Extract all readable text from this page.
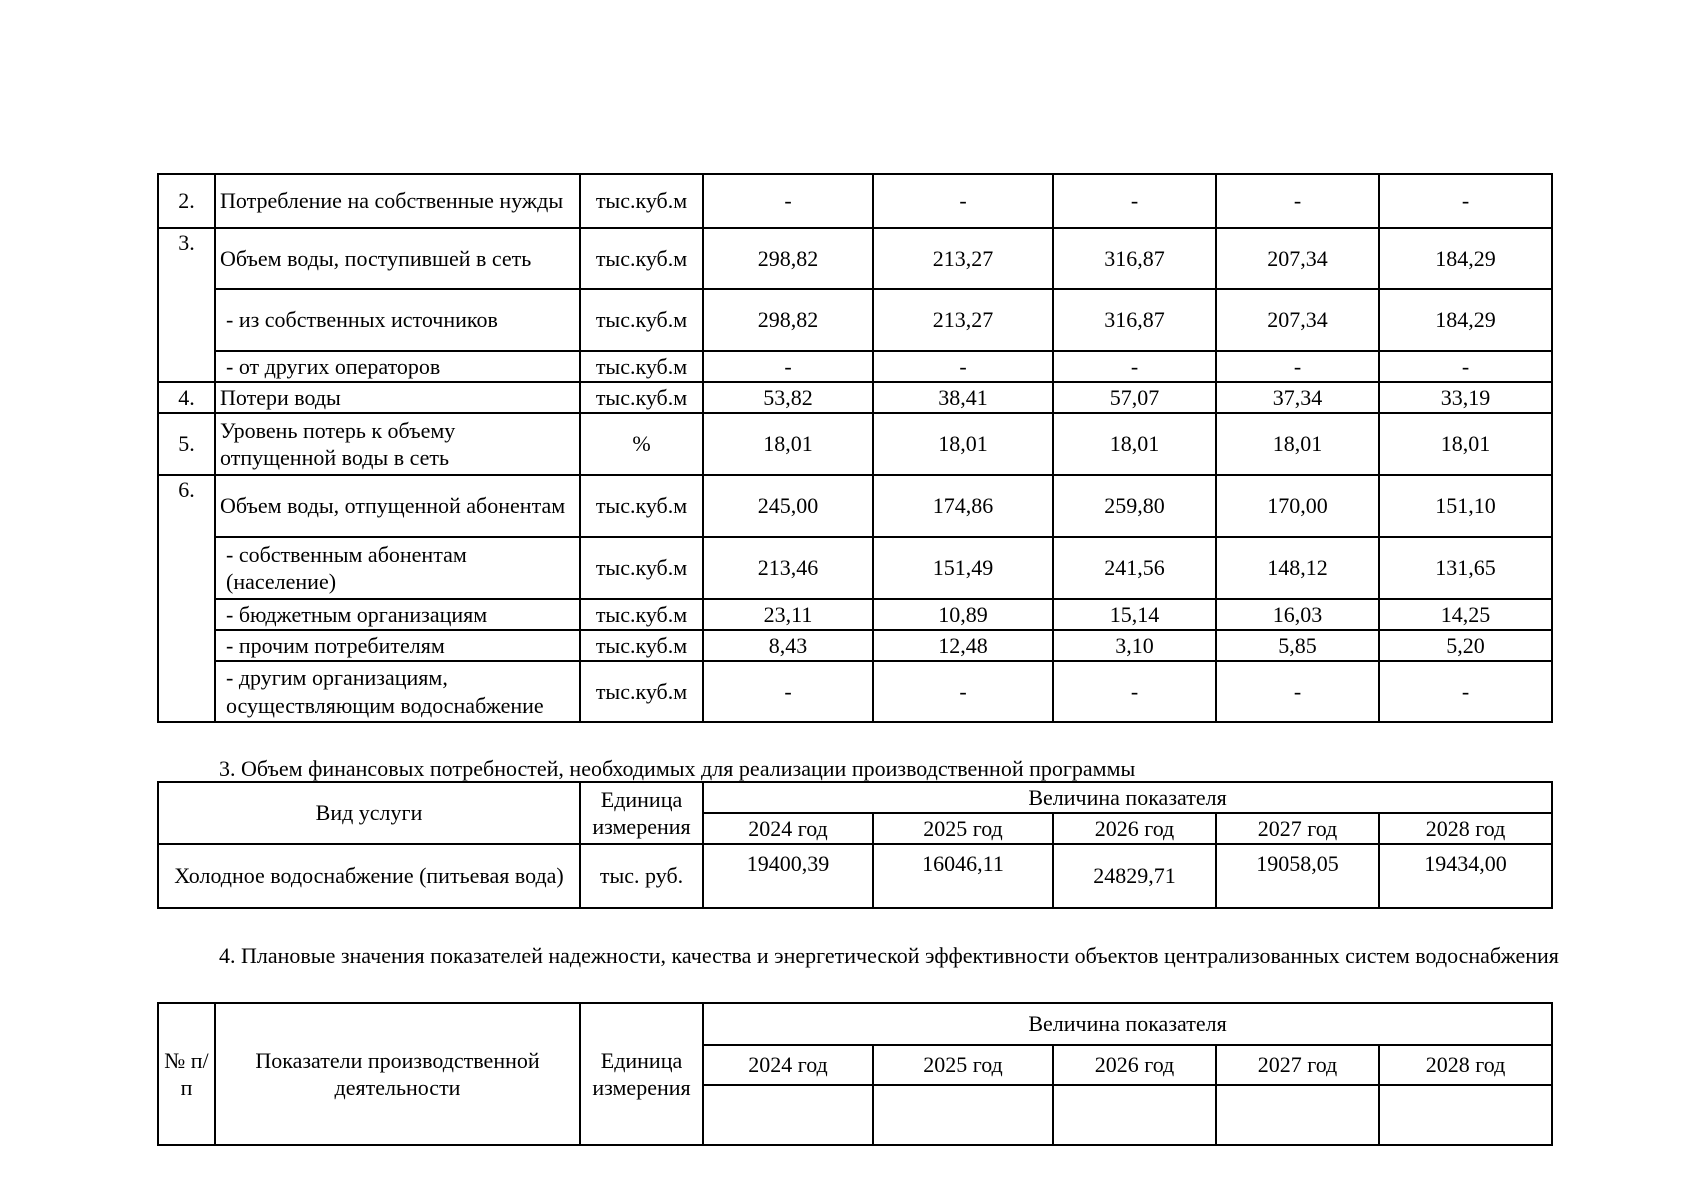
2.	Потребление на собственные нужды	тыс.куб.м	-	-	-	-	-
3.	Объем воды, поступившей в сеть	тыс.куб.м	298,82	213,27	316,87	207,34	184,29
	- из собственных источников	тыс.куб.м	298,82	213,27	316,87	207,34	184,29
	- от других операторов	тыс.куб.м	-	-	-	-	-
4.	Потери воды	тыс.куб.м	53,82	38,41	57,07	37,34	33,19
5.	Уровень потерь к объему отпущенной воды в сеть	%	18,01	18,01	18,01	18,01	18,01
6.	Объем воды, отпущенной абонентам	тыс.куб.м	245,00	174,86	259,80	170,00	151,10
	- собственным абонентам (население)	тыс.куб.м	213,46	151,49	241,56	148,12	131,65
	- бюджетным организациям	тыс.куб.м	23,11	10,89	15,14	16,03	14,25
	- прочим потребителям	тыс.куб.м	8,43	12,48	3,10	5,85	5,20
	- другим организациям, осуществляющим водоснабжение	тыс.куб.м	-	-	-	-	-
3. Объем финансовых потребностей, необходимых для реализации производственной программы
Вид услуги	Единица измерения	Величина показателя				
		2024 год	2025 год	2026 год	2027 год	2028 год
Холодное водоснабжение (питьевая вода)	тыс. руб.	19400,39	16046,11	24829,71	19058,05	19434,00
4. Плановые значения показателей надежности, качества и энергетической эффективности объектов централизованных систем водоснабжения
№ п/п	Показатели производственной деятельности	Единица измерения	Величина показателя				
			2024 год	2025 год	2026 год	2027 год	2028 год
